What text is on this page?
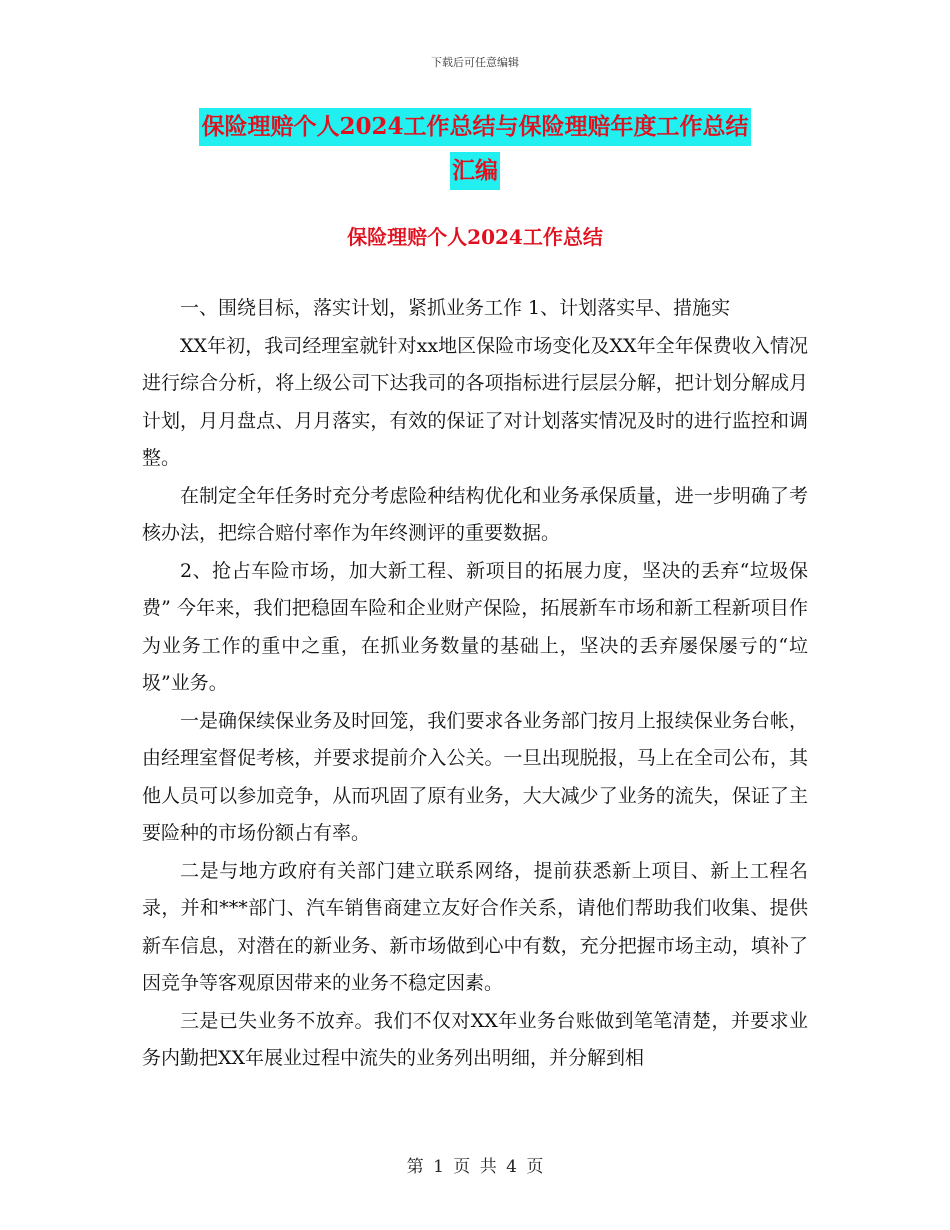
下载后可任意编辑
保险理赔个人2024工作总结与保险理赔年度工作总结
汇编
保险理赔个人2024工作总结

一、围绕目标，落实计划，紧抓业务工作 1、计划落实早、措施实

XX年初，我司经理室就针对xx地区保险市场变化及XX年全年保费收入情况进行综合分析，将上级公司下达我司的各项指标进行层层分解，把计划分解成月计划，月月盘点、月月落实，有效的保证了对计划落实情况及时的进行监控和调整。

在制定全年任务时充分考虑险种结构优化和业务承保质量，进一步明确了考核办法，把综合赔付率作为年终测评的重要数据。

2、抢占车险市场，加大新工程、新项目的拓展力度，坚决的丢弃“垃圾保费” 今年来，我们把稳固车险和企业财产保险，拓展新车市场和新工程新项目作为业务工作的重中之重，在抓业务数量的基础上，坚决的丢弃屡保屡亏的“垃圾”业务。

一是确保续保业务及时回笼，我们要求各业务部门按月上报续保业务台帐，由经理室督促考核，并要求提前介入公关。一旦出现脱报，马上在全司公布，其他人员可以参加竞争，从而巩固了原有业务，大大减少了业务的流失，保证了主要险种的市场份额占有率。

二是与地方政府有关部门建立联系网络，提前获悉新上项目、新上工程名录，并和***部门、汽车销售商建立友好合作关系，请他们帮助我们收集、提供新车信息，对潜在的新业务、新市场做到心中有数，充分把握市场主动，填补了因竞争等客观原因带来的业务不稳定因素。

三是已失业务不放弃。我们不仅对XX年业务台账做到笔笔清楚，并要求业务内勤把XX年展业过程中流失的业务列出明细，并分解到相

第 1 页 共 4 页
